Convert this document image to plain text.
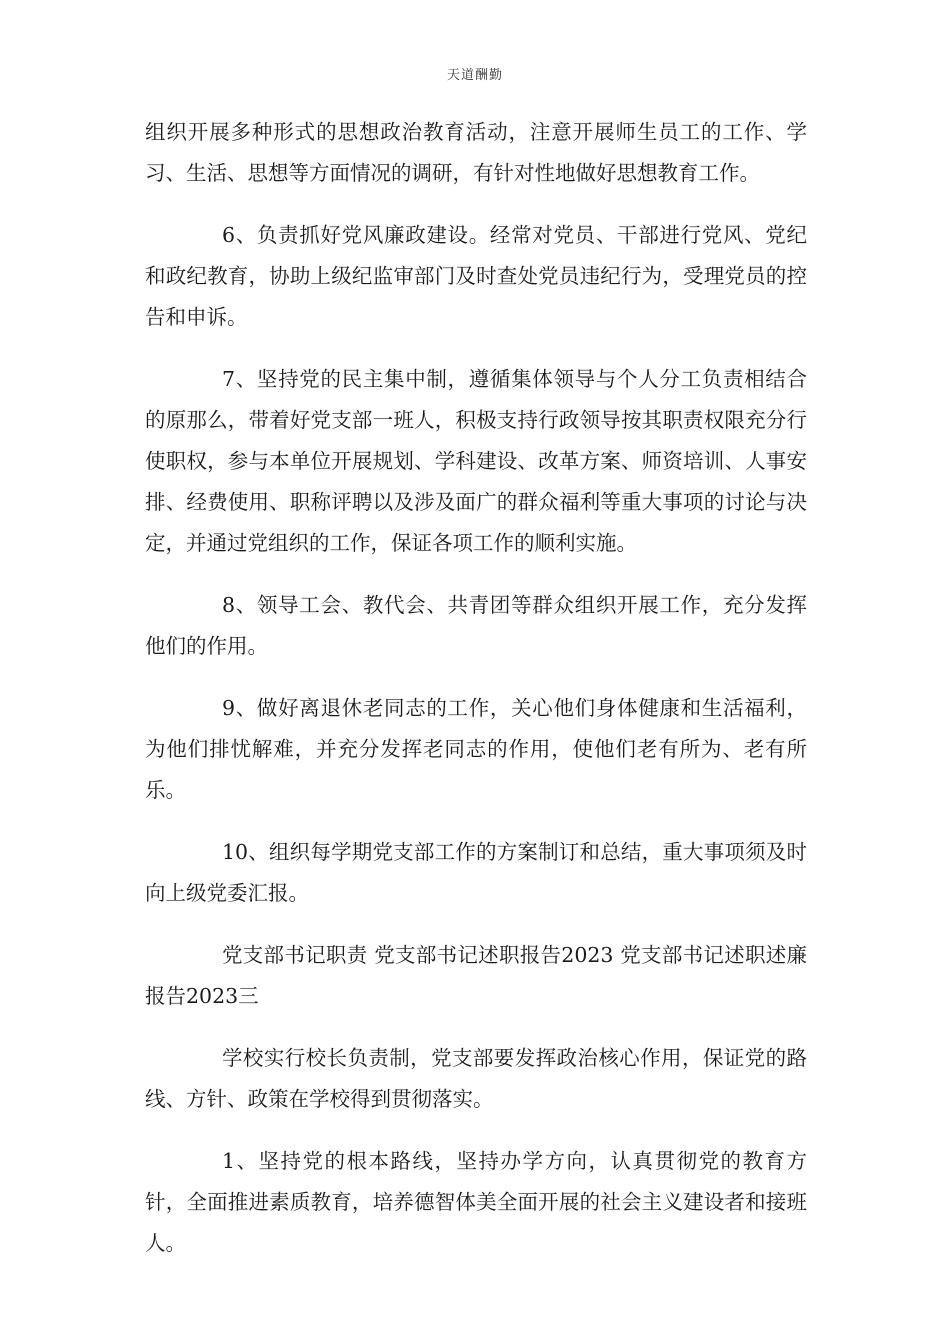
天道酬勤

组织开展多种形式的思想政治教育活动，注意开展师生员工的工作、学习、生活、思想等方面情况的调研，有针对性地做好思想教育工作。

6、负责抓好党风廉政建设。经常对党员、干部进行党风、党纪和政纪教育，协助上级纪监审部门及时查处党员违纪行为，受理党员的控告和申诉。

7、坚持党的民主集中制，遵循集体领导与个人分工负责相结合的原那么，带着好党支部一班人，积极支持行政领导按其职责权限充分行使职权，参与本单位开展规划、学科建设、改革方案、师资培训、人事安排、经费使用、职称评聘以及涉及面广的群众福利等重大事项的讨论与决定，并通过党组织的工作，保证各项工作的顺利实施。

8、领导工会、教代会、共青团等群众组织开展工作，充分发挥他们的作用。

9、做好离退休老同志的工作，关心他们身体健康和生活福利，为他们排忧解难，并充分发挥老同志的作用，使他们老有所为、老有所乐。

10、组织每学期党支部工作的方案制订和总结，重大事项须及时向上级党委汇报。

党支部书记职责 党支部书记述职报告2023 党支部书记述职述廉报告2023三

学校实行校长负责制，党支部要发挥政治核心作用，保证党的路线、方针、政策在学校得到贯彻落实。

1、坚持党的根本路线，坚持办学方向，认真贯彻党的教育方针，全面推进素质教育，培养德智体美全面开展的社会主义建设者和接班人。
